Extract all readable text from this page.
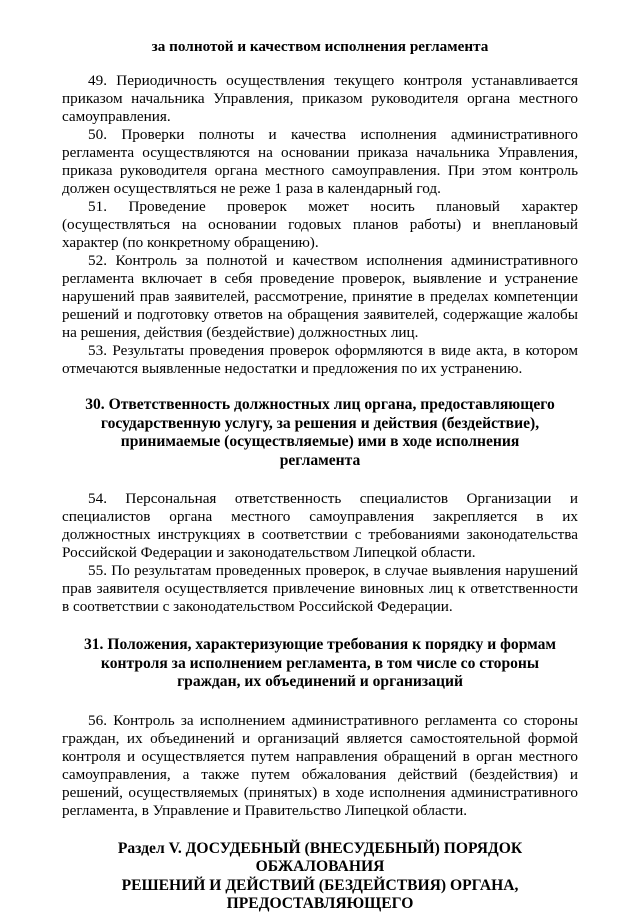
за полнотой и качеством исполнения регламента

49. Периодичность осуществления текущего контроля устанавливается приказом начальника Управления, приказом руководителя органа местного самоуправления.

50. Проверки полноты и качества исполнения административного регламента осуществляются на основании приказа начальника Управления, приказа руководителя органа местного самоуправления. При этом контроль должен осуществляться не реже 1 раза в календарный год.

51. Проведение проверок может носить плановый характер (осуществляться на основании годовых планов работы) и внеплановый характер (по конкретному обращению).

52. Контроль за полнотой и качеством исполнения административного регламента включает в себя проведение проверок, выявление и устранение нарушений прав заявителей, рассмотрение, принятие в пределах компетенции решений и подготовку ответов на обращения заявителей, содержащие жалобы на решения, действия (бездействие) должностных лиц.

53. Результаты проведения проверок оформляются в виде акта, в котором отмечаются выявленные недостатки и предложения по их устранению.

30. Ответственность должностных лиц органа, предоставляющего
государственную услугу, за решения и действия (бездействие),
принимаемые (осуществляемые) ими в ходе исполнения
регламента

54. Персональная ответственность специалистов Организации и специалистов органа местного самоуправления закрепляется в их должностных инструкциях в соответствии с требованиями законодательства Российской Федерации и законодательством Липецкой области.

55. По результатам проведенных проверок, в случае выявления нарушений прав заявителя осуществляется привлечение виновных лиц к ответственности в соответствии с законодательством Российской Федерации.

31. Положения, характеризующие требования к порядку и формам
контроля за исполнением регламента, в том числе со стороны
граждан, их объединений и организаций

56. Контроль за исполнением административного регламента со стороны граждан, их объединений и организаций является самостоятельной формой контроля и осуществляется путем направления обращений в орган местного самоуправления, а также путем обжалования действий (бездействия) и решений, осуществляемых (принятых) в ходе исполнения административного регламента, в Управление и Правительство Липецкой области.

Раздел V. ДОСУДЕБНЫЙ (ВНЕСУДЕБНЫЙ) ПОРЯДОК ОБЖАЛОВАНИЯ
РЕШЕНИЙ И ДЕЙСТВИЙ (БЕЗДЕЙСТВИЯ) ОРГАНА,
ПРЕДОСТАВЛЯЮЩЕГО
